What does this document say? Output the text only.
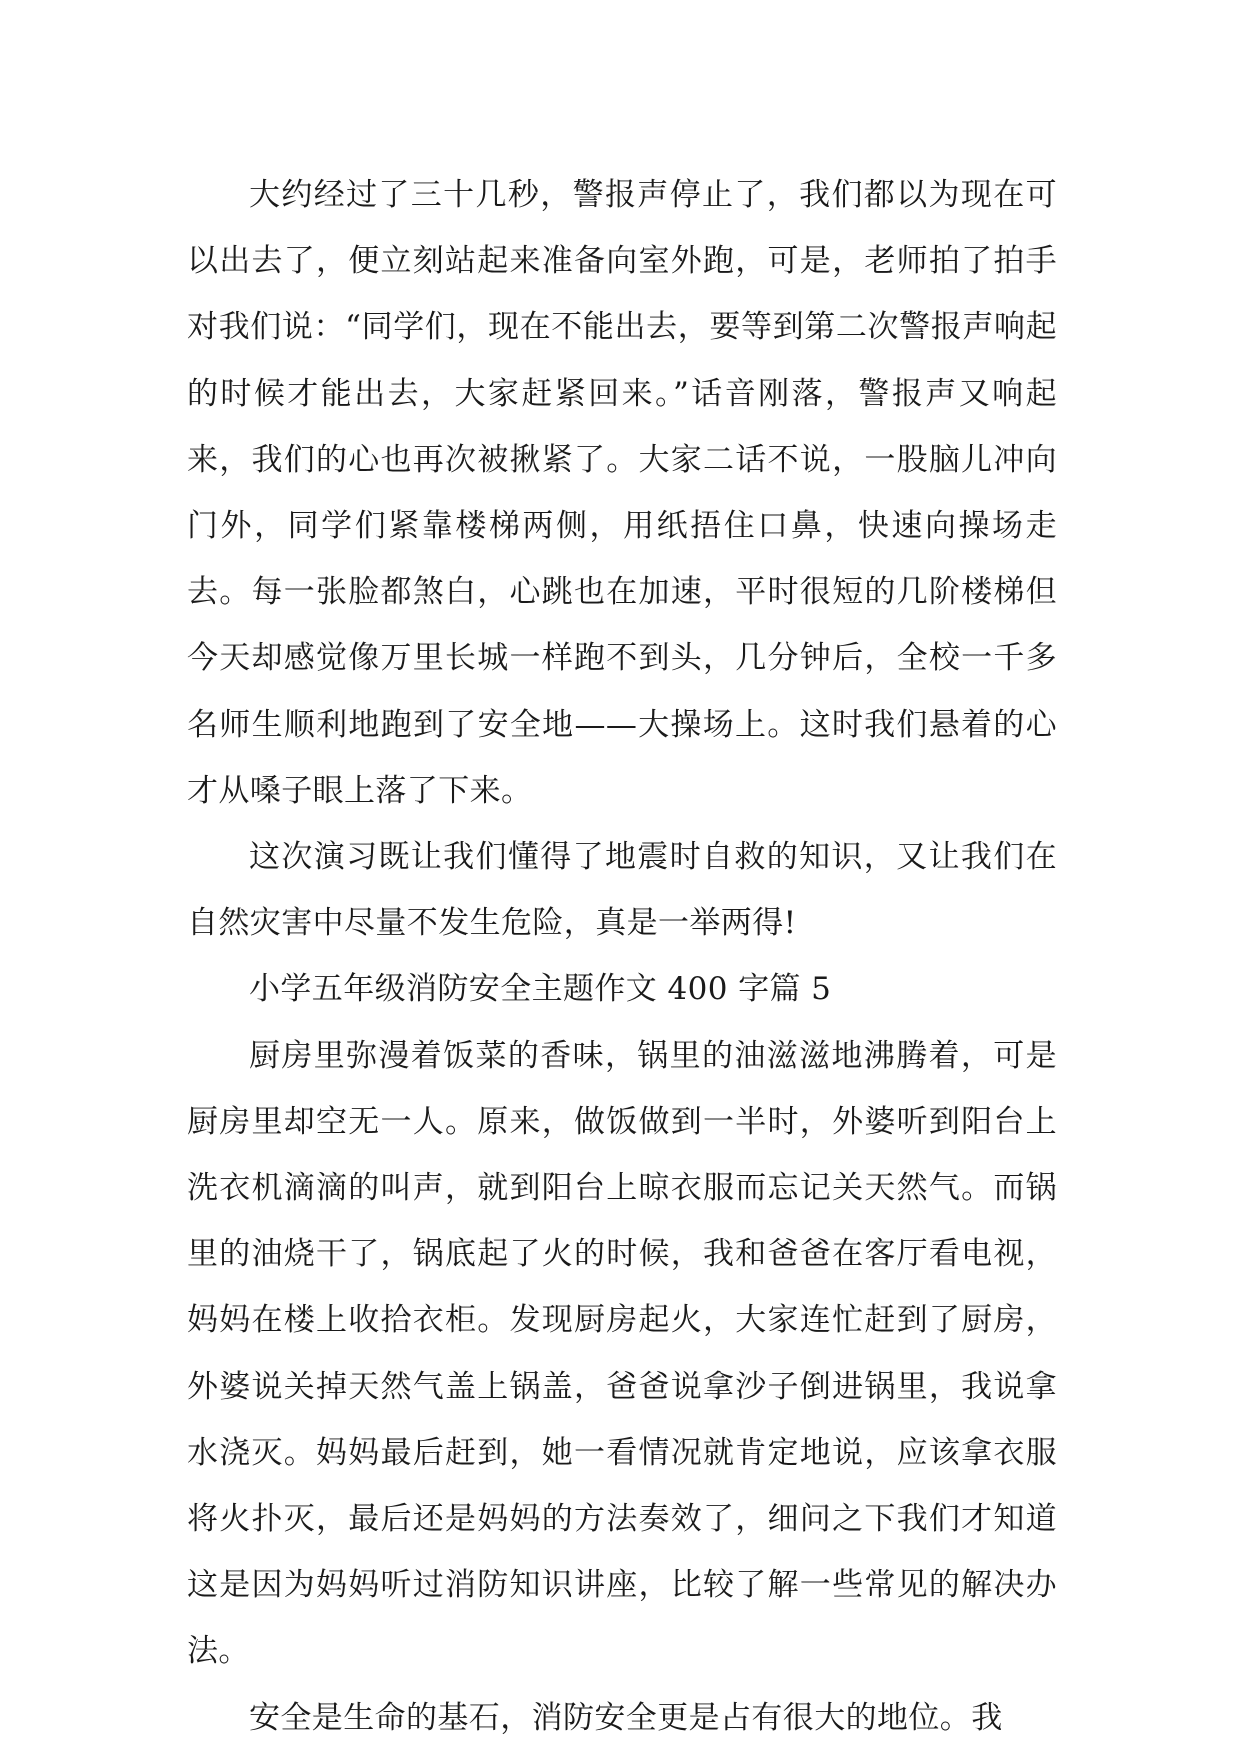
大约经过了三十几秒，警报声停止了，我们都以为现在可以出去了，便立刻站起来准备向室外跑，可是，老师拍了拍手对我们说：“同学们，现在不能出去，要等到第二次警报声响起的时候才能出去，大家赶紧回来。”话音刚落，警报声又响起来，我们的心也再次被揪紧了。大家二话不说，一股脑儿冲向门外，同学们紧靠楼梯两侧，用纸捂住口鼻，快速向操场走去。每一张脸都煞白，心跳也在加速，平时很短的几阶楼梯但今天却感觉像万里长城一样跑不到头，几分钟后，全校一千多名师生顺利地跑到了安全地——大操场上。这时我们悬着的心才从嗓子眼上落了下来。

这次演习既让我们懂得了地震时自救的知识，又让我们在自然灾害中尽量不发生危险，真是一举两得!

小学五年级消防安全主题作文 400 字篇 5

厨房里弥漫着饭菜的香味，锅里的油滋滋地沸腾着，可是厨房里却空无一人。原来，做饭做到一半时，外婆听到阳台上洗衣机滴滴的叫声，就到阳台上晾衣服而忘记关天然气。而锅里的油烧干了，锅底起了火的时候，我和爸爸在客厅看电视，妈妈在楼上收拾衣柜。发现厨房起火，大家连忙赶到了厨房，外婆说关掉天然气盖上锅盖，爸爸说拿沙子倒进锅里，我说拿水浇灭。妈妈最后赶到，她一看情况就肯定地说，应该拿衣服将火扑灭，最后还是妈妈的方法奏效了，细问之下我们才知道这是因为妈妈听过消防知识讲座，比较了解一些常见的解决办法。

安全是生命的基石，消防安全更是占有很大的地位。我
